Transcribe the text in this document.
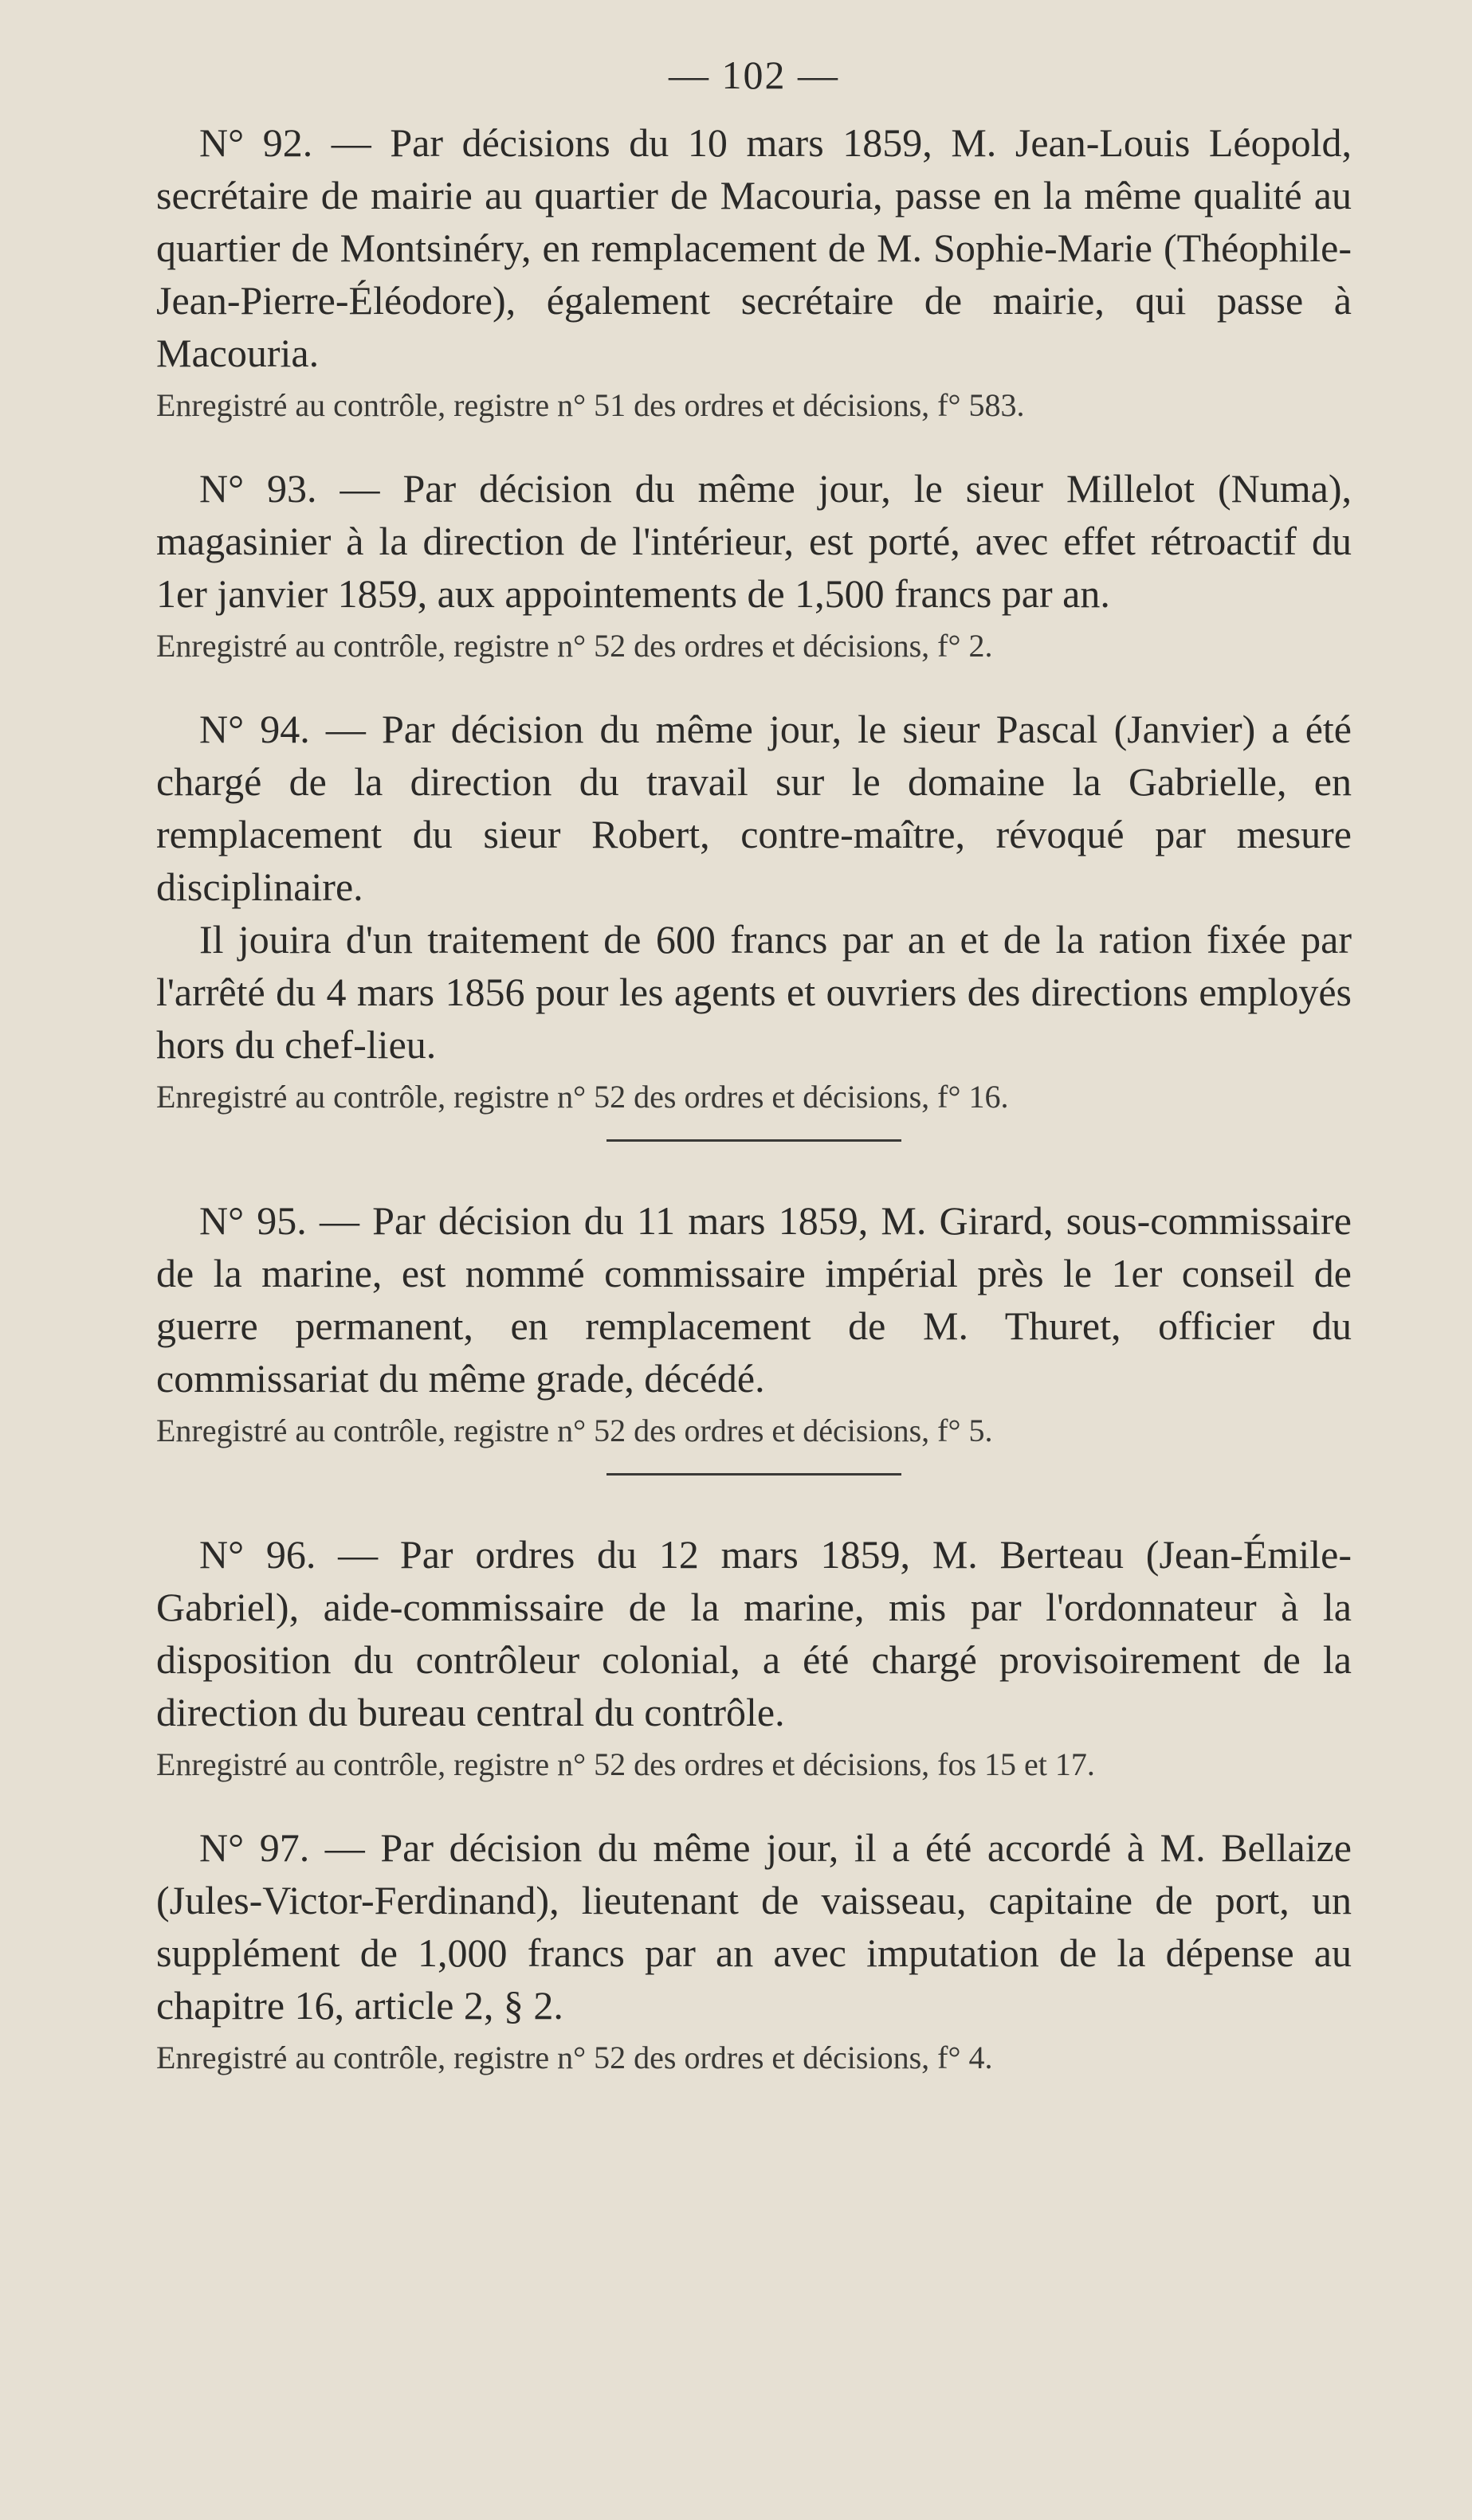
— 102 —

N° 92. — Par décisions du 10 mars 1859, M. Jean-Louis Léopold, secrétaire de mairie au quartier de Macouria, passe en la même qualité au quartier de Montsinéry, en remplacement de M. Sophie-Marie (Théophile-Jean-Pierre-Éléodore), également secrétaire de mairie, qui passe à Macouria.

Enregistré au contrôle, registre n° 51 des ordres et décisions, f° 583.

N° 93. — Par décision du même jour, le sieur Millelot (Numa), magasinier à la direction de l'intérieur, est porté, avec effet rétroactif du 1er janvier 1859, aux appointements de 1,500 francs par an.

Enregistré au contrôle, registre n° 52 des ordres et décisions, f° 2.

N° 94. — Par décision du même jour, le sieur Pascal (Janvier) a été chargé de la direction du travail sur le domaine la Gabrielle, en remplacement du sieur Robert, contre-maître, révoqué par mesure disciplinaire.

Il jouira d'un traitement de 600 francs par an et de la ration fixée par l'arrêté du 4 mars 1856 pour les agents et ouvriers des directions employés hors du chef-lieu.

Enregistré au contrôle, registre n° 52 des ordres et décisions, f° 16.

N° 95. — Par décision du 11 mars 1859, M. Girard, sous-commissaire de la marine, est nommé commissaire impérial près le 1er conseil de guerre permanent, en remplacement de M. Thuret, officier du commissariat du même grade, décédé.

Enregistré au contrôle, registre n° 52 des ordres et décisions, f° 5.

N° 96. — Par ordres du 12 mars 1859, M. Berteau (Jean-Émile-Gabriel), aide-commissaire de la marine, mis par l'ordonnateur à la disposition du contrôleur colonial, a été chargé provisoirement de la direction du bureau central du contrôle.

Enregistré au contrôle, registre n° 52 des ordres et décisions, fos 15 et 17.

N° 97. — Par décision du même jour, il a été accordé à M. Bellaize (Jules-Victor-Ferdinand), lieutenant de vaisseau, capitaine de port, un supplément de 1,000 francs par an avec imputation de la dépense au chapitre 16, article 2, § 2.

Enregistré au contrôle, registre n° 52 des ordres et décisions, f° 4.
